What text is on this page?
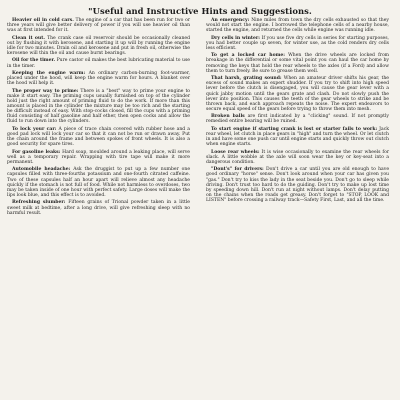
"Useful and Instructive Hints and Suggestions.

Heavier oil in cold cars. The engine of a car that has been run for two or three years will give better delivery of power if you will use heavier oil than was at first intended for it.

Clean it out. The crank case oil reservoir should be occasionally cleaned out by flushing it with kerosene, and starting it up will by running the engine idle for two minutes. Drain oil and kerosene and put in fresh oil, otherwise the kerosene will thin the oil and cause burnt bearings.

Oil for the timer. Pure castor oil makes the best lubricating material to use in the timer.

Keeping the engine warm: An ordinary carbon-burning foot-warmer, placed under the hood, will keep the engine warm for hours. A blanket over the hood will help it.

The proper way to prime: There is a "best" way to prime your engine to make it start easy. The priming cups usually furnished on top of the cylinder hold just the right amount of priming fluid to do the work. If more than this amount is placed in the cylinder the mixture may be too rich and the starting be difficult instead of easy. With stop-cocks closed, fill the cups with a priming fluid consisting of half gasoline and half ether, then open cocks and allow the fluid to run down into the cylinders.

To lock your car: A piece of trace chain covered with rubber hose and a good pad lock will lock your car so that it can not be run or drawn away. Put the chain around the frame and between spokes of front wheels. It is also a good security for spare tires.

For gasoline leaks: Hard soap, moulded around a leaking place, will serve well as a temporary repair. Wrapping with tire tape will make it more permanent.

Automobile headache: Ask the druggist to put up a few number one capsules filled with three-fourths potassium and one-fourth citrated caffeine. Two of these capsules half an hour apart will relieve almost any headache quickly if the stomach is not full of food. While not harmless to overdoses, two may be taken inside of one hour with perfect safety. Large doses will make the lips look blue, and this effect is to avoided.

Refreshing slumber: Fifteen grains of Trional powder taken in a little sweet milk at bedtime, after a long drive, will give refreshing sleep with no harmful result.

An emergency: Nine miles from town the dry cells exhausted so that they would not start the engine. I borrowed the telephone cells of a nearby house, started the engine, and returned the cells while engine was running idle.

Dry cells in winter: If you use five dry cells in series for starting purposes, you had better couple up seven, for winter use, as the cold renders dry cells less efficient.

To get a locked car home: When the drive wheels are locked from breakage in the differential or some vital point you can haul the car home by removing the keys that hold the rear wheels to the axles (if a Ford) and allow them to turn freely. Be sure to grease them well.

That harsh, grating sound: When an amateur driver shifts his gear, the excess of sound makes an expert shudder. If you try to shift into high speed lever before the clutch is disengaged, you will cause the gear lever with a quick jabby motion until the gears grate and clash. Do not slowly push the lever into position. This causes the teeth of the gear wheels to strike and be thrown back, and each approach repeats the noise. The expert endeavors to secure equal speed of the gears before trying to throw them into mesh.

Broken balls are first indicated by a "clicking" sound. If not promptly remedied entire bearing will be ruined.

To start engine if starting crank is lost or starter fails to work: Jack rear wheel, let clutch in place gears in "high" and turn the wheel. Or let clutch in and have some one push car until engine starts and quickly throw out clutch when engine starts.

Loose rear wheels: It is wise occasionally to examine the rear wheels for slack. A little wobble at the axle will soon wear the key or key-seat into a dangerous condition.

"Dont's" for drivers: Don't drive a car until you are old enough to have good ordinary "horse" sense. Don't look around when your car has given you "gas." Don't try to kiss the lady in the seat beside you. Don't go to sleep while driving. Don't trust too hard to do the guiding. Don't try to make up lost time by speeding down hill. Don't run at night without lamps. Don't delay putting on the chains when the roads get greasy. Don't forget to "STOP, LOOK and LISTEN" before crossing a railway track—Safety First, Last, and all the time.
